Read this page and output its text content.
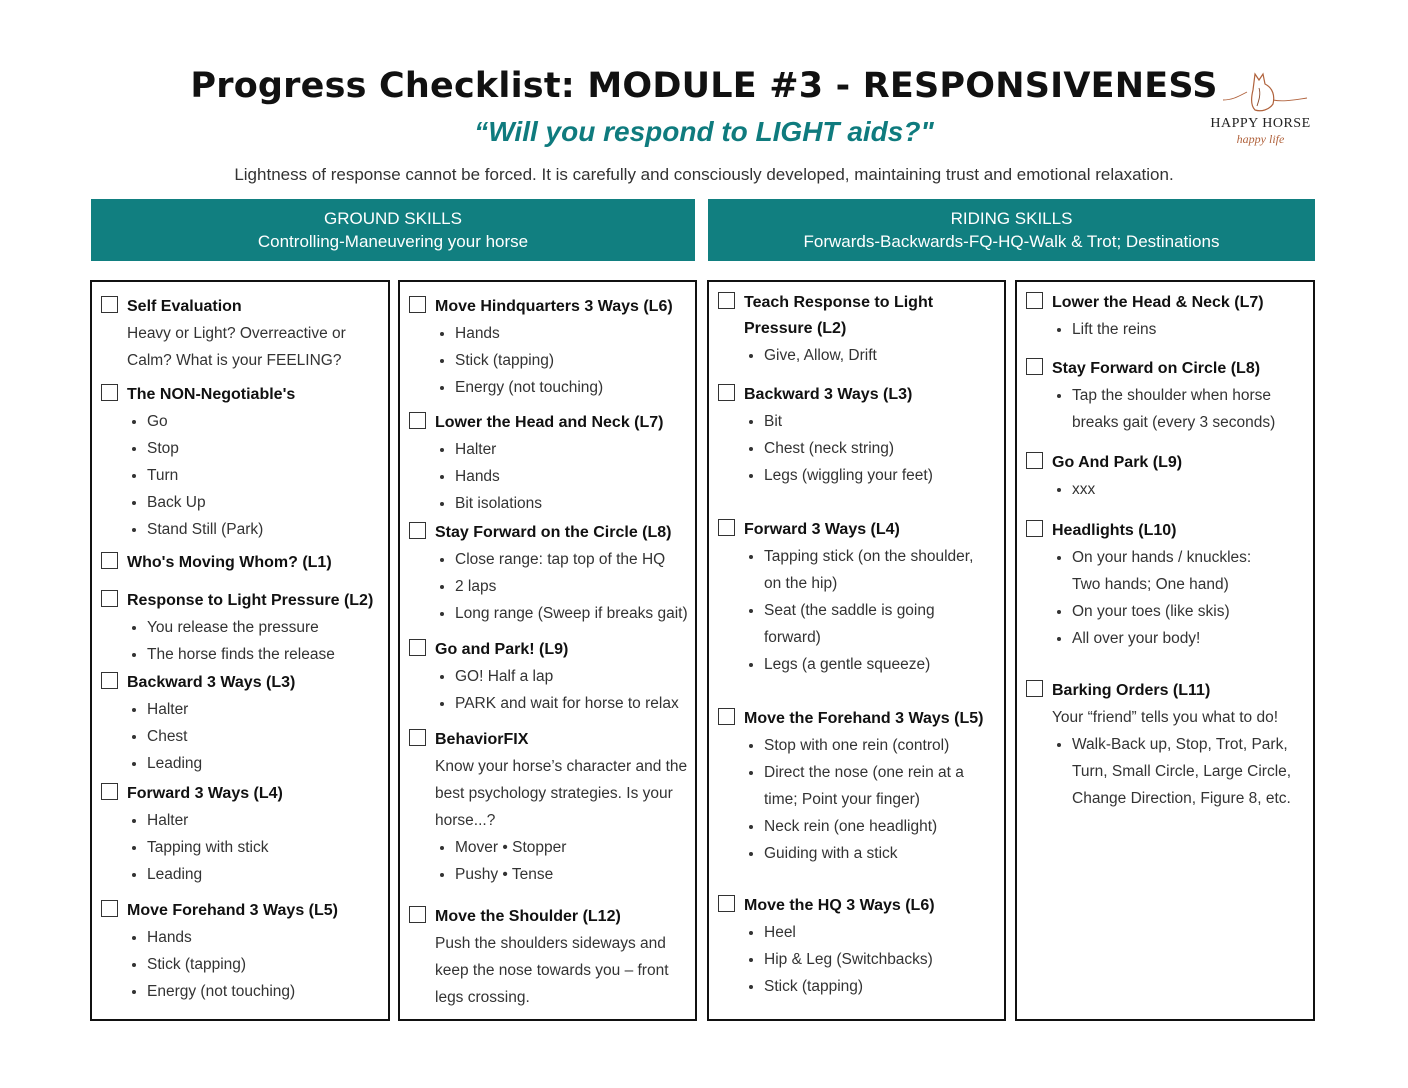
Progress Checklist: MODULE #3 - RESPONSIVENESS
“Will you respond to LIGHT aids?"
Lightness of response cannot be forced. It is carefully and consciously developed, maintaining trust and emotional relaxation.
HAPPY HORSE
happy life
GROUND SKILLS
Controlling-Maneuvering your horse
RIDING SKILLS
Forwards-Backwards-FQ-HQ-Walk & Trot; Destinations
Self Evaluation
Heavy or Light? Overreactive or
Calm? What is your FEELING?
The NON-Negotiable's
• Go
• Stop
• Turn
• Back Up
• Stand Still (Park)
Who's Moving Whom? (L1)
Response to Light Pressure (L2)
• You release the pressure
• The horse finds the release
Backward 3 Ways (L3)
• Halter
• Chest
• Leading
Forward 3 Ways (L4)
• Halter
• Tapping with stick
• Leading
Move Forehand 3 Ways (L5)
• Hands
• Stick (tapping)
• Energy (not touching)
Move Hindquarters 3 Ways (L6)
• Hands
• Stick (tapping)
• Energy (not touching)
Lower the Head and Neck (L7)
• Halter
• Hands
• Bit isolations
Stay Forward on the Circle (L8)
• Close range: tap top of the HQ
• 2 laps
• Long range (Sweep if breaks gait)
Go and Park! (L9)
• GO! Half a lap
• PARK and wait for horse to relax
BehaviorFIX
Know your horse’s character and the
best psychology strategies. Is your
horse...?
• Mover • Stopper
• Pushy • Tense
Move the Shoulder (L12)
Push the shoulders sideways and
keep the nose towards you – front
legs crossing.
Teach Response to Light
Pressure (L2)
• Give, Allow, Drift
Backward 3 Ways (L3)
• Bit
• Chest (neck string)
• Legs (wiggling your feet)
Forward 3 Ways (L4)
• Tapping stick (on the shoulder,
on the hip)
• Seat (the saddle is going
forward)
• Legs (a gentle squeeze)
Move the Forehand 3 Ways (L5)
• Stop with one rein (control)
• Direct the nose (one rein at a
time; Point your finger)
• Neck rein (one headlight)
• Guiding with a stick
Move the HQ 3 Ways (L6)
• Heel
• Hip & Leg (Switchbacks)
• Stick (tapping)
Lower the Head & Neck (L7)
• Lift the reins
Stay Forward on Circle (L8)
• Tap the shoulder when horse
breaks gait (every 3 seconds)
Go And Park (L9)
• xxx
Headlights (L10)
• On your hands / knuckles:
Two hands; One hand)
• On your toes (like skis)
• All over your body!
Barking Orders (L11)
Your “friend” tells you what to do!
• Walk-Back up, Stop, Trot, Park,
Turn, Small Circle, Large Circle,
Change Direction, Figure 8, etc.
